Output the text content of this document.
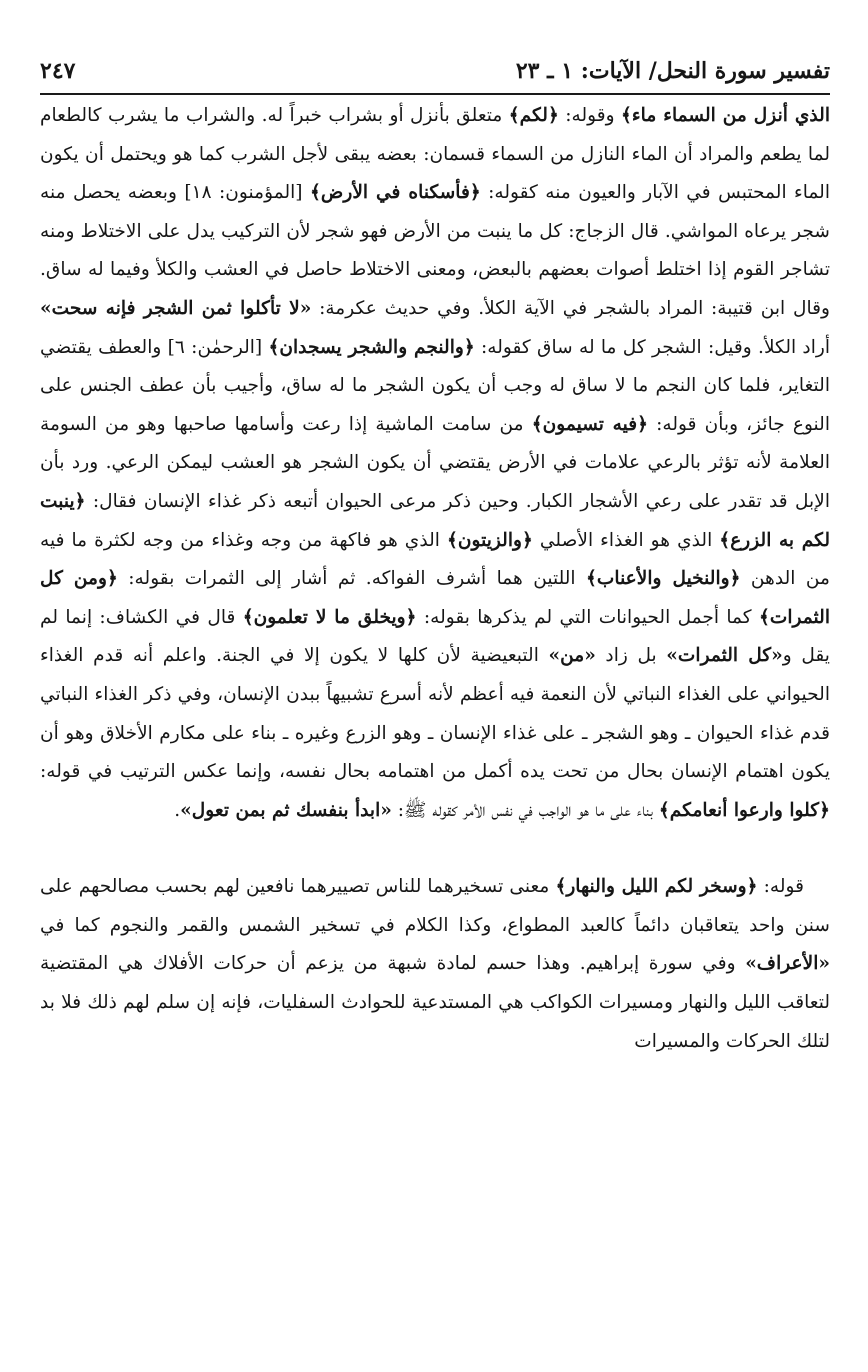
تفسير سورة النحل/ الآيات: ١ ـ ٢٣
٢٤٧

الذي أنزل من السماء ماء﴾ وقوله: ﴿لكم﴾ متعلق بأنزل أو بشراب خبراً له. والشراب ما يشرب كالطعام لما يطعم والمراد أن الماء النازل من السماء قسمان: بعضه يبقى لأجل الشرب كما هو ويحتمل أن يكون الماء المحتبس في الآبار والعيون منه كقوله: ﴿فأسكناه في الأرض﴾ [المؤمنون: ١٨] وبعضه يحصل منه شجر يرعاه المواشي. قال الزجاج: كل ما ينبت من الأرض فهو شجر لأن التركيب يدل على الاختلاط ومنه تشاجر القوم إذا اختلط أصوات بعضهم بالبعض، ومعنى الاختلاط حاصل في العشب والكلأ وفيما له ساق. وقال ابن قتيبة: المراد بالشجر في الآية الكلأ. وفي حديث عكرمة: «لا تأكلوا ثمن الشجر فإنه سحت» أراد الكلأ. وقيل: الشجر كل ما له ساق كقوله: ﴿والنجم والشجر يسجدان﴾ [الرحمٰن: ٦] والعطف يقتضي التغاير، فلما كان النجم ما لا ساق له وجب أن يكون الشجر ما له ساق، وأجيب بأن عطف الجنس على النوع جائز، وبأن قوله: ﴿فيه تسيمون﴾ من سامت الماشية إذا رعت وأسامها صاحبها وهو من السومة العلامة لأنه تؤثر بالرعي علامات في الأرض يقتضي أن يكون الشجر هو العشب ليمكن الرعي. ورد بأن الإبل قد تقدر على رعي الأشجار الكبار. وحين ذكر مرعى الحيوان أتبعه ذكر غذاء الإنسان فقال: ﴿ينبت لكم به الزرع﴾ الذي هو الغذاء الأصلي ﴿والزيتون﴾ الذي هو فاكهة من وجه وغذاء من وجه لكثرة ما فيه من الدهن ﴿والنخيل والأعناب﴾ اللتين هما أشرف الفواكه. ثم أشار إلى الثمرات بقوله: ﴿ومن كل الثمرات﴾ كما أجمل الحيوانات التي لم يذكرها بقوله: ﴿ويخلق ما لا تعلمون﴾ قال في الكشاف: إنما لم يقل و«كل الثمرات» بل زاد «من» التبعيضية لأن كلها لا يكون إلا في الجنة. واعلم أنه قدم الغذاء الحيواني على الغذاء النباتي لأن النعمة فيه أعظم لأنه أسرع تشبيهاً ببدن الإنسان، وفي ذكر الغذاء النباتي قدم غذاء الحيوان ـ وهو الشجر ـ على غذاء الإنسان ـ وهو الزرع وغيره ـ بناء على مكارم الأخلاق وهو أن يكون اهتمام الإنسان بحال من تحت يده أكمل من اهتمامه بحال نفسه، وإنما عكس الترتيب في قوله: ﴿كلوا وارعوا أنعامكم﴾ بناء على ما هو الواجب في نفس الأمر كقوله ﷺ: «ابدأ بنفسك ثم بمن تعول».

قوله: ﴿وسخر لكم الليل والنهار﴾ معنى تسخيرهما للناس تصييرهما نافعين لهم بحسب مصالحهم على سنن واحد يتعاقبان دائماً كالعبد المطواع، وكذا الكلام في تسخير الشمس والقمر والنجوم كما في «الأعراف» وفي سورة إبراهيم. وهذا حسم لمادة شبهة من يزعم أن حركات الأفلاك هي المقتضية لتعاقب الليل والنهار ومسيرات الكواكب هي المستدعية للحوادث السفليات، فإنه إن سلم لهم ذلك فلا بد لتلك الحركات والمسيرات
